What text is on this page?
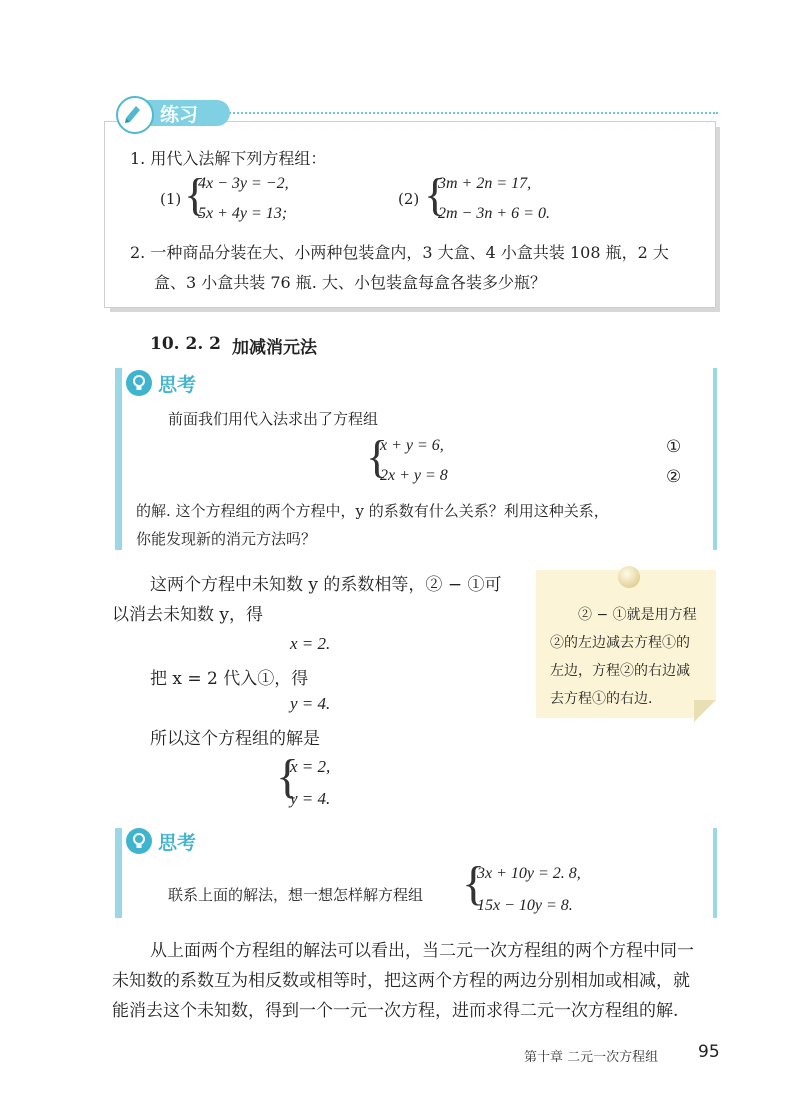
练习
1. 用代入法解下列方程组：
(1) {
4x − 3y = −2,
5x + 4y = 13;
(2) {
3m + 2n = 17,
2m − 3n + 6 = 0.
2. 一种商品分装在大、小两种包装盒内，3 大盒、4 小盒共装 108 瓶，2 大
盒、3 小盒共装 76 瓶. 大、小包装盒每盒各装多少瓶？
10. 2. 2 加减消元法
思考
前面我们用代入法求出了方程组
{
x + y = 6,	①
2x + y = 8	②
的解. 这个方程组的两个方程中，y 的系数有什么关系？利用这种关系，
你能发现新的消元方法吗？
这两个方程中未知数 y 的系数相等，② − ①可
以消去未知数 y，得
x = 2.
把 x = 2 代入①，得
y = 4.
所以这个方程组的解是
{
x = 2,
y = 4.
② − ①就是用方程
②的左边减去方程①的
左边，方程②的右边减
去方程①的右边.
思考
联系上面的解法，想一想怎样解方程组 {
3x + 10y = 2. 8,
15x − 10y = 8.
从上面两个方程组的解法可以看出，当二元一次方程组的两个方程中同一
未知数的系数互为相反数或相等时，把这两个方程的两边分别相加或相减，就
能消去这个未知数，得到一个一元一次方程，进而求得二元一次方程组的解.
第十章 二元一次方程组 95
